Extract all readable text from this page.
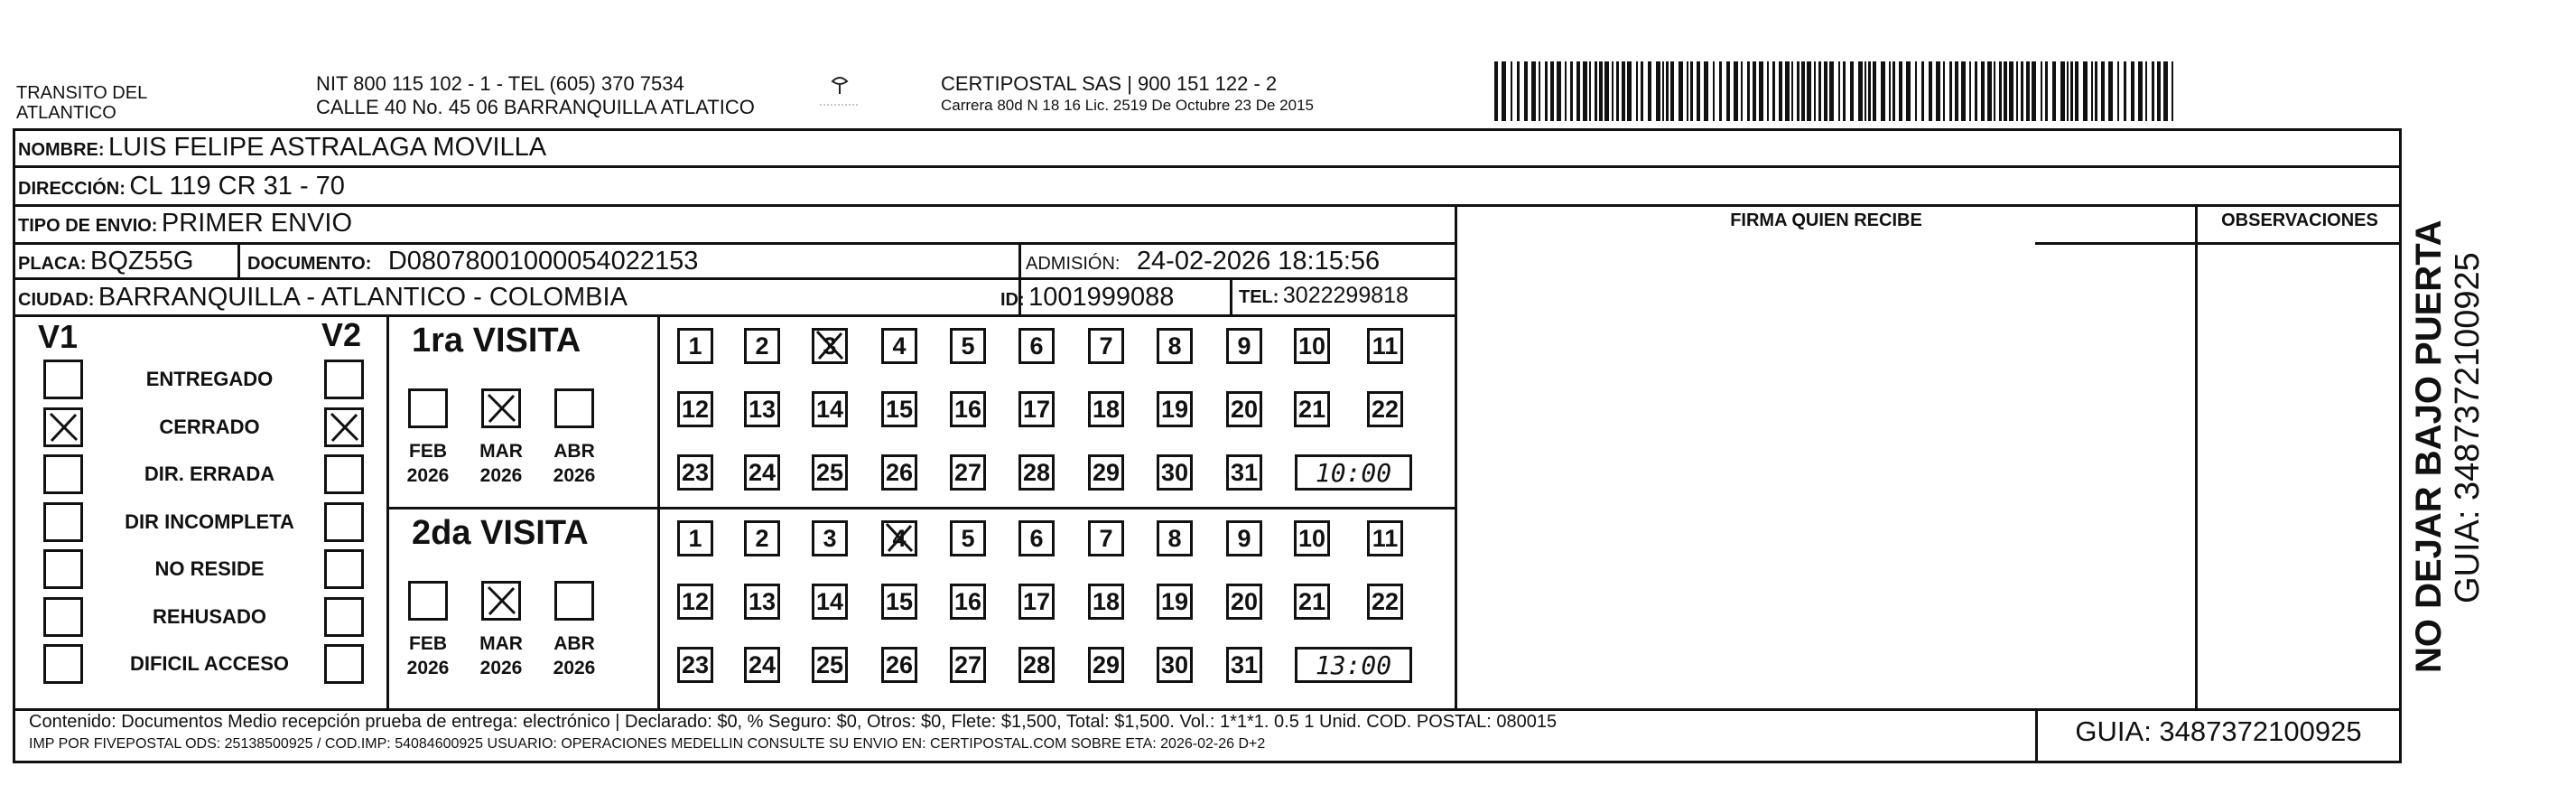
TRANSITO DEL
ATLANTICO
NIT 800 115 102 - 1 - TEL (605) 370 7534
CALLE 40 No. 45 06 BARRANQUILLA ATLATICO
CERTIPOSTAL SAS | 900 151 122 - 2
Carrera 80d N 18 16 Lic. 2519 De Octubre 23 De 2015
NOMBRE: LUIS FELIPE ASTRALAGA MOVILLA
DIRECCIÓN: CL 119 CR 31 - 70
TIPO DE ENVIO: PRIMER ENVIO	FIRMA QUIEN RECIBE	OBSERVACIONES
PLACA: BQZ55G	DOCUMENTO: D08078001000054022153	ADMISIÓN: 24-02-2026 18:15:56
CIUDAD: BARRANQUILLA - ATLANTICO - COLOMBIA	ID: 1001999088	TEL: 3022299818
V1	V2
ENTREGADO
CERRADO
DIR. ERRADA
DIR INCOMPLETA
NO RESIDE
REHUSADO
DIFICIL ACCESO
1ra VISITA
FEB
2026
MAR
2026
ABR
2026
1	2	3	4	5	6	7	8	9	10 11
12 13 14 15 16 17 18 19 20 21 22
23 24 25 26 27 28 29 30 31	10:00
2da VISITA
FEB
2026
MAR
2026
ABR
2026
1	2	3	4	5	6	7	8	9	10 11
12 13 14 15 16 17 18 19 20 21 22
23 24 25 26 27 28 29 30 31	13:00
Contenido: Documentos Medio recepción prueba de entrega: electrónico | Declarado: $0, % Seguro: $0, Otros: $0, Flete: $1,500, Total: $1,500. Vol.: 1*1*1. 0.5 1 Unid. COD. POSTAL: 080015
IMP POR FIVEPOSTAL ODS: 25138500925 / COD.IMP: 54084600925 USUARIO: OPERACIONES MEDELLIN CONSULTE SU ENVIO EN: CERTIPOSTAL.COM SOBRE ETA: 2026-02-26 D+2	GUIA: 3487372100925
NO DEJAR BAJO PUERTA GUIA: 3487372100925
